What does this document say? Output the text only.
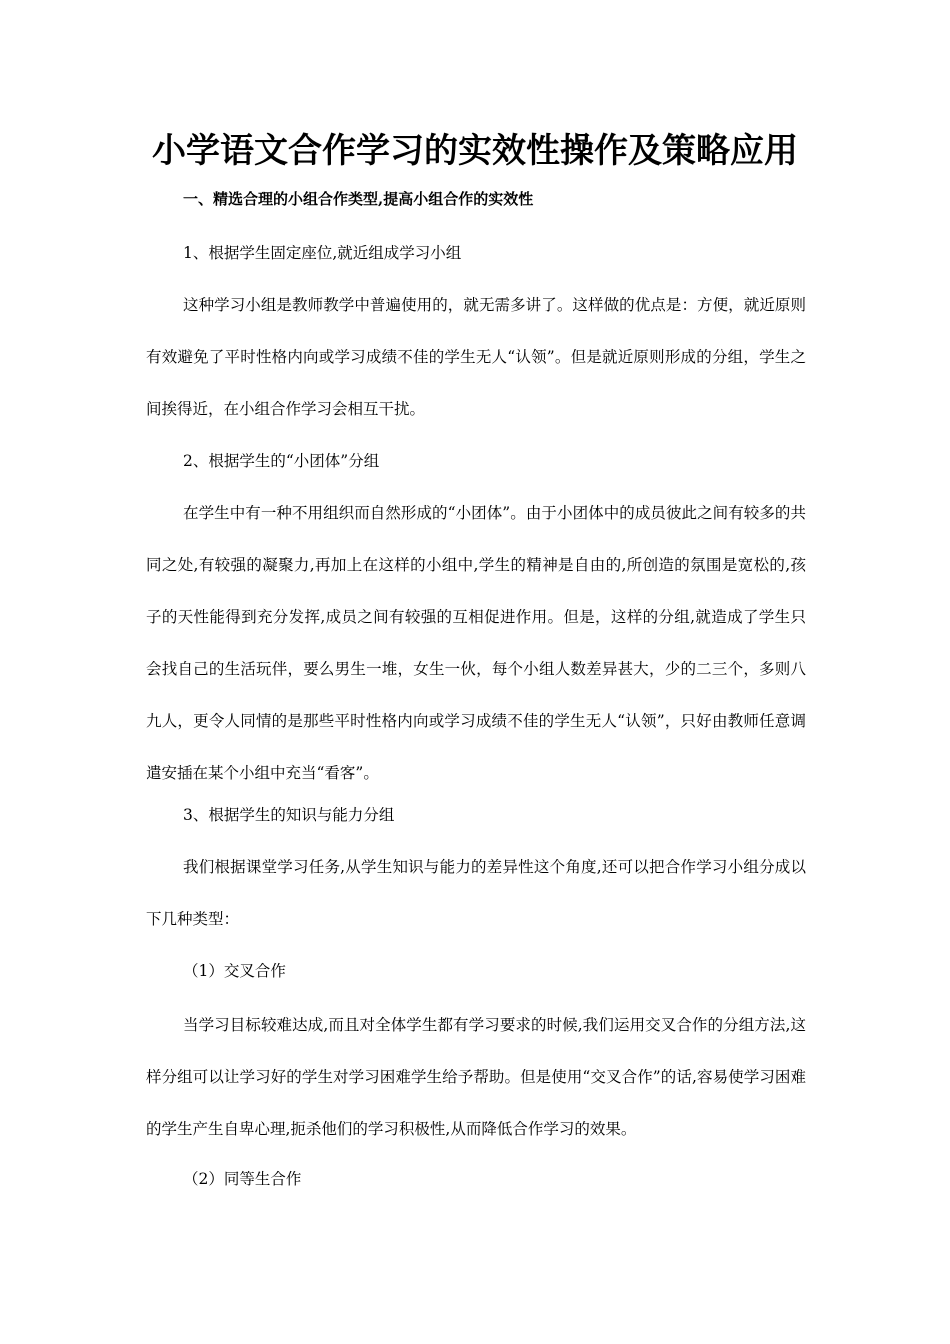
小学语文合作学习的实效性操作及策略应用
一、精选合理的小组合作类型,提高小组合作的实效性
1、根据学生固定座位,就近组成学习小组
这种学习小组是教师教学中普遍使用的，就无需多讲了。这样做的优点是：方便，就近原则有效避免了平时性格内向或学习成绩不佳的学生无人“认领”。但是就近原则形成的分组，学生之间挨得近，在小组合作学习会相互干扰。
2、根据学生的“小团体”分组
在学生中有一种不用组织而自然形成的“小团体”。由于小团体中的成员彼此之间有较多的共同之处,有较强的凝聚力,再加上在这样的小组中,学生的精神是自由的,所创造的氛围是宽松的,孩子的天性能得到充分发挥,成员之间有较强的互相促进作用。但是，这样的分组,就造成了学生只会找自己的生活玩伴，要么男生一堆，女生一伙，每个小组人数差异甚大，少的二三个，多则八九人，更令人同情的是那些平时性格内向或学习成绩不佳的学生无人“认领”，只好由教师任意调遣安插在某个小组中充当“看客”。
3、根据学生的知识与能力分组
我们根据课堂学习任务,从学生知识与能力的差异性这个角度,还可以把合作学习小组分成以下几种类型：
（1）交叉合作
当学习目标较难达成,而且对全体学生都有学习要求的时候,我们运用交叉合作的分组方法,这样分组可以让学习好的学生对学习困难学生给予帮助。但是使用“交叉合作”的话,容易使学习困难的学生产生自卑心理,扼杀他们的学习积极性,从而降低合作学习的效果。
（2）同等生合作
